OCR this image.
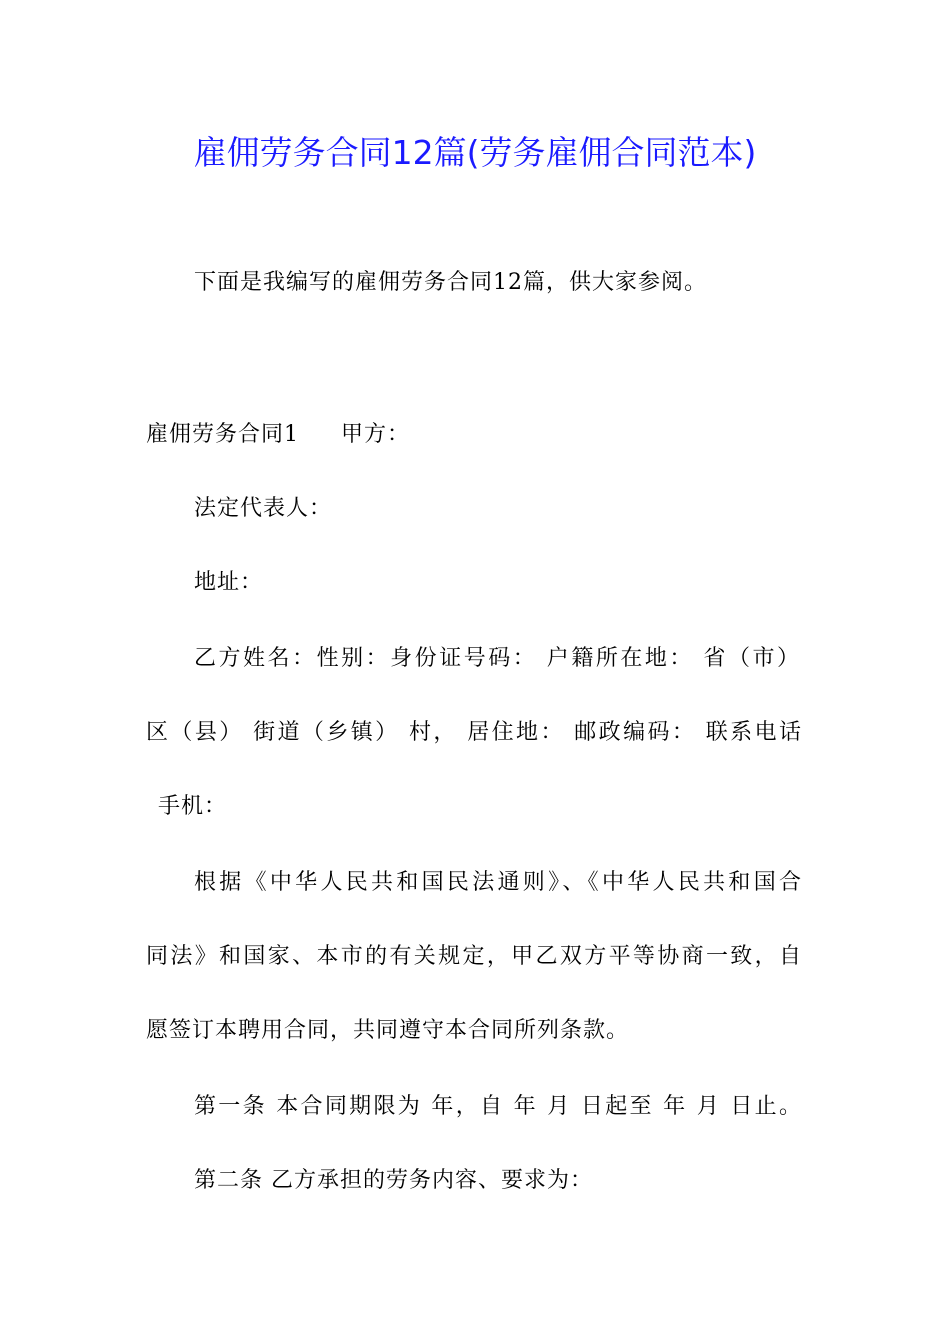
雇佣劳务合同12篇(劳务雇佣合同范本)
下面是我编写的雇佣劳务合同12篇，供大家参阅。
雇佣劳务合同1 甲方：
法定代表人：
地址：
乙方姓名：性别：身份证号码： 户籍所在地： 省（市）
区（县） 街道（乡镇） 村， 居住地： 邮政编码： 联系电话
手机：
根据《中华人民共和国民法通则》、《中华人民共和国合
同法》和国家、本市的有关规定，甲乙双方平等协商一致，自
愿签订本聘用合同，共同遵守本合同所列条款。
第一条 本合同期限为 年，自 年 月 日起至 年 月 日止。
第二条 乙方承担的劳务内容、要求为：
